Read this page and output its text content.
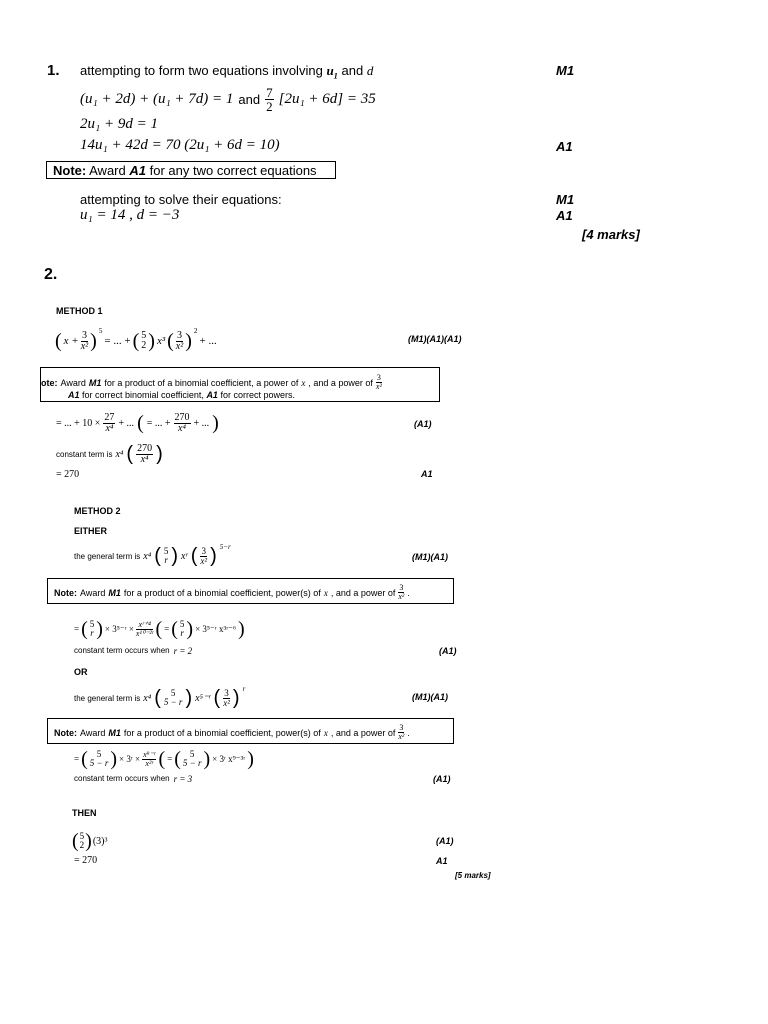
1. attempting to form two equations involving $u_1$ and d	M1
(u₁ + 2d) + (u₁ + 7d) = 1 and $\frac{7}{2} [2u_1 + 6d] = 35$
2u₁ + 9d = 1
14u₁ + 42d = 70 (2u₁ + 6d = 10)	A1
Note: Award A1 for any two correct equations
attempting to solve their equations:	M1
u₁ = 14 , d = −3	A1
[4 marks]
2.
METHOD 1
( $x + \frac{3}{\text{x²}}$ ) $^5$
= ... + ( 5
2 ) x³ ( $\frac{3}{\text{x²}}$ ) $^2$
+ ...	(M1)(A1)(A1)
ote: Award M1 for a product of a binomial coefficient, a power of x , and a power of $\frac{3}{\text{x²}}$
A1 for correct binomial coefficient, A1 for correct powers.
= ... + $10 \times \frac{27}{\text{x⁴}}$ + ... ( = ... + $\frac{270}{\text{x⁴}}$ + ... )	(A1)
constant term is x⁴ ( $\frac{270}{\text{x⁴}}$ )
= 270	A1
METHOD 2
EITHER
the general term is x⁴ ( 5
r ) xʳ ( $\frac{3}{\text{x²}}$ ) $^{5-r}$
(M1)(A1)
Note: Award M1 for a product of a binomial coefficient, power(s) of x , and a power of $\frac{3}{\text{x²}}$ .
= ( 5
r ) × 3⁵⁻ʳ × $\frac{\text{xʳ⁺⁴}}{\text{x¹⁰⁻²ʳ}}$ ( = ( 5
r ) × 3⁵⁻ʳ x³ʳ⁻⁶ )
constant term occurs when r = 2	(A1)
OR
the general term is x⁴ (	5
5 − r ) x⁵⁻ʳ ( $\frac{3}{\text{x²}}$ ) $^r$
(M1)(A1)
Note: Award M1 for a product of a binomial coefficient, power(s) of x , and a power of $\frac{3}{\text{x²}}$ .
= (	5
5 − r ) × 3ʳ × $\frac{\text{x⁹⁻ʳ}}{\text{x²ʳ}}$ ( = (	5
5 − r ) × 3ʳ x⁹⁻³ʳ )
constant term occurs when r = 3	(A1)
THEN
( 5
2 ) (3)³	(A1)
= 270	A1
[5 marks]
